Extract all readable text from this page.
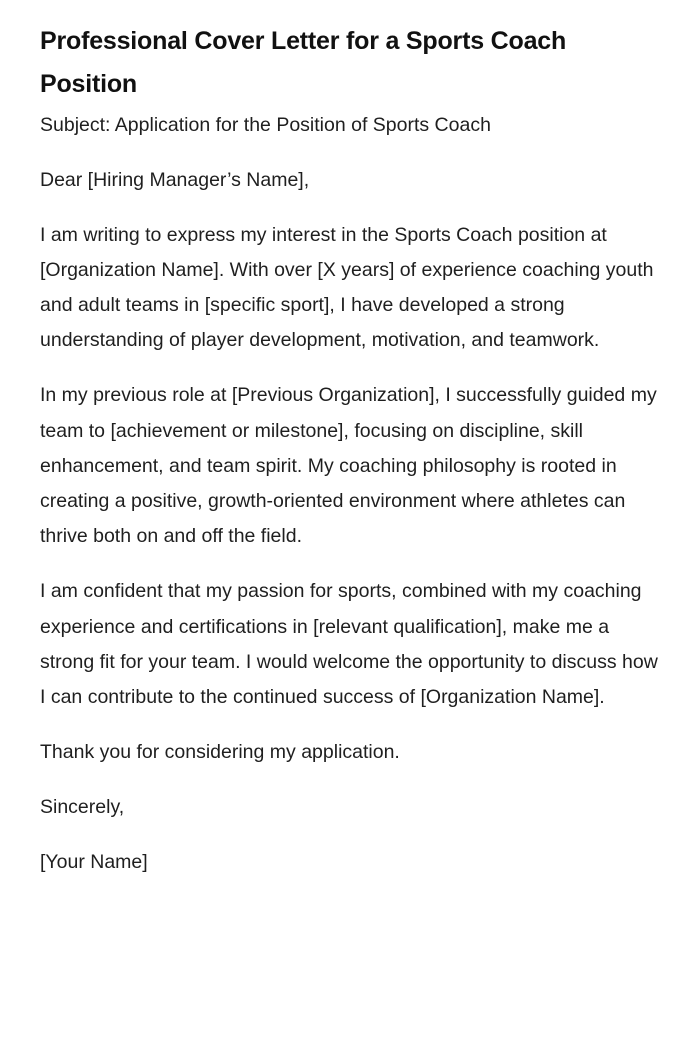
Professional Cover Letter for a Sports Coach Position

Subject: Application for the Position of Sports Coach

Dear [Hiring Manager’s Name],

I am writing to express my interest in the Sports Coach position at [Organization Name]. With over [X years] of experience coaching youth and adult teams in [specific sport], I have developed a strong understanding of player development, motivation, and teamwork.

In my previous role at [Previous Organization], I successfully guided my team to [achievement or milestone], focusing on discipline, skill enhancement, and team spirit. My coaching philosophy is rooted in creating a positive, growth-oriented environment where athletes can thrive both on and off the field.

I am confident that my passion for sports, combined with my coaching experience and certifications in [relevant qualification], make me a strong fit for your team. I would welcome the opportunity to discuss how I can contribute to the continued success of [Organization Name].

Thank you for considering my application.

Sincerely,

[Your Name]
